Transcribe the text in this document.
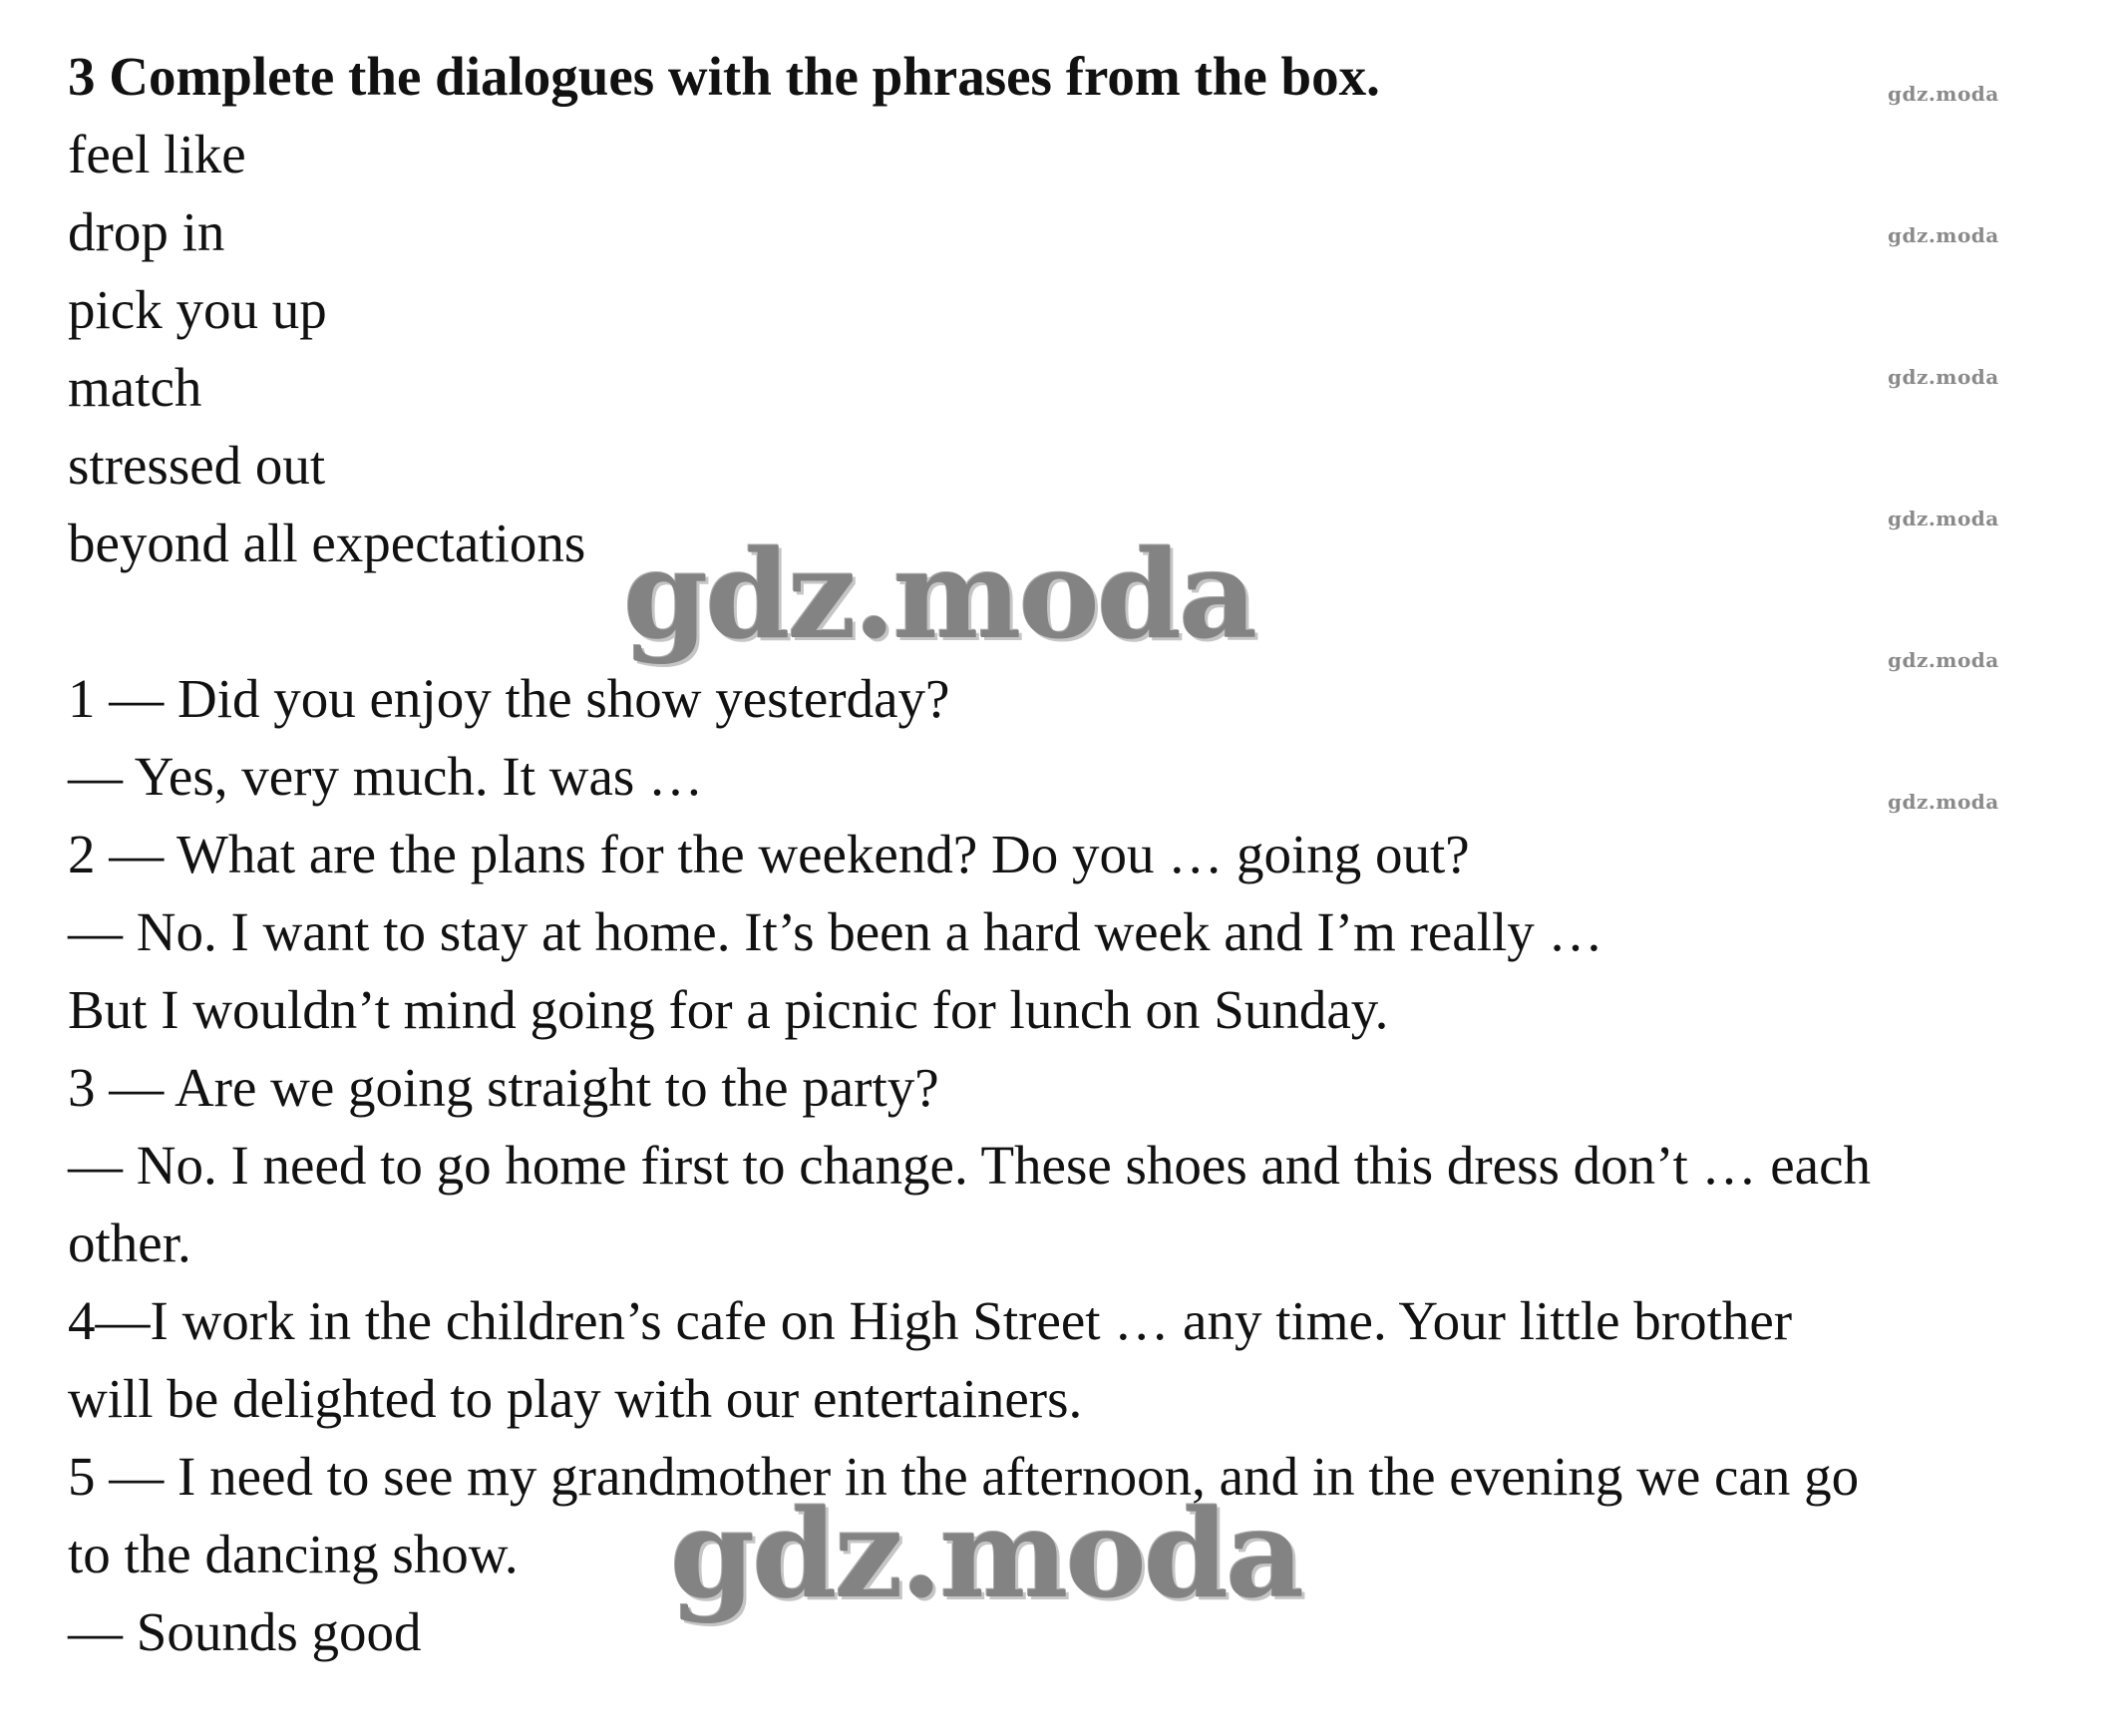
3 Complete the dialogues with the phrases from the box.

feel like

drop in

pick you up

match

stressed out

beyond all expectations

1 — Did you enjoy the show yesterday?

— Yes, very much. It was …

2 — What are the plans for the weekend? Do you … going out?

— No. I want to stay at home. It’s been a hard week and I’m really …

But I wouldn’t mind going for a picnic for lunch on Sunday.

3 — Are we going straight to the party?

— No. I need to go home first to change. These shoes and this dress don’t … each

other.

4—I work in the children’s cafe on High Street … any time. Your little brother

will be delighted to play with our entertainers.

5 — I need to see my grandmother in the afternoon, and in the evening we can go

to the dancing show.

— Sounds good

gdz.moda
gdz.moda
gdz.moda
gdz.moda
gdz.moda
gdz.moda
gdz.moda
gdz.moda
